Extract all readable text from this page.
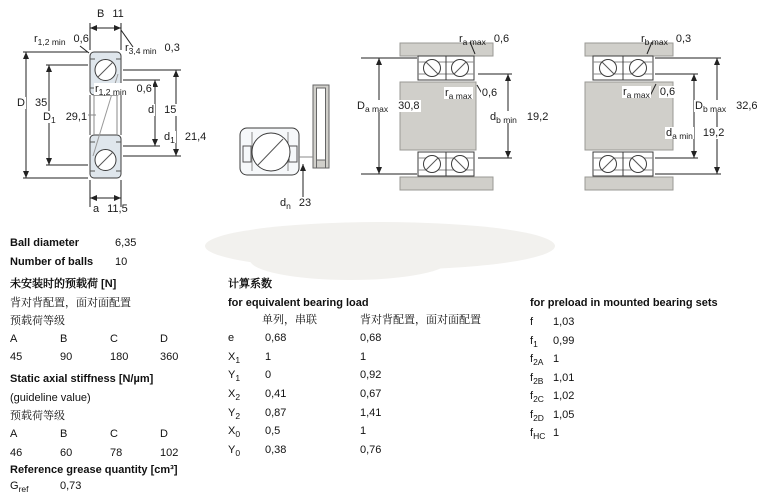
B 11
$r_{1,2 min}$ 0,6
$r_{3,4 min}$ 0,3
D 35
$D_1$ 29,1
$r_{1,2 min}$ 0,6
d 15
$d_1$ 21,4
a 11,5	$d_n$ 23
$r_{a max}$ 0,6
$r_{a max}$ 0,6
$D_{a max}$ 30,8
$d_{b min}$ 19,2
$r_{b max}$ 0,3
$r_{a max}$ 0,6
$D_{b max}$ 32,6
$d_{a min}$ 19,2
Ball diameter	6,35
Number of balls 10
未安装时的预载荷 [N]
背对背配置，面对面配置
预载荷等级
A	B	C	D
45	90	180	360
Static axial stiffness [N/µm]
(guideline value)
预载荷等级
A	B	C	D
46	60	78	102
Reference grease quantity [cm³]
$G_{ref}$	0,73
计算系数
for equivalent bearing load
单列，串联	背对背配置，面对面配置
e	0,68	0,68
$X_1$ 1	1
$Y_1$ 0	0,92
$X_2$ 0,41	0,67
$Y_2$ 0,87	1,41
$X_0$ 0,5	1
$Y_0$ 0,38	0,76
for preload in mounted bearing sets
f 1,03
$f_1$ 0,99
$f_{2A}$ 1
$f_{2B}$ 1,01
$f_{2C}$ 1,02
$f_{2D}$ 1,05
$f_{HC}$ 1
